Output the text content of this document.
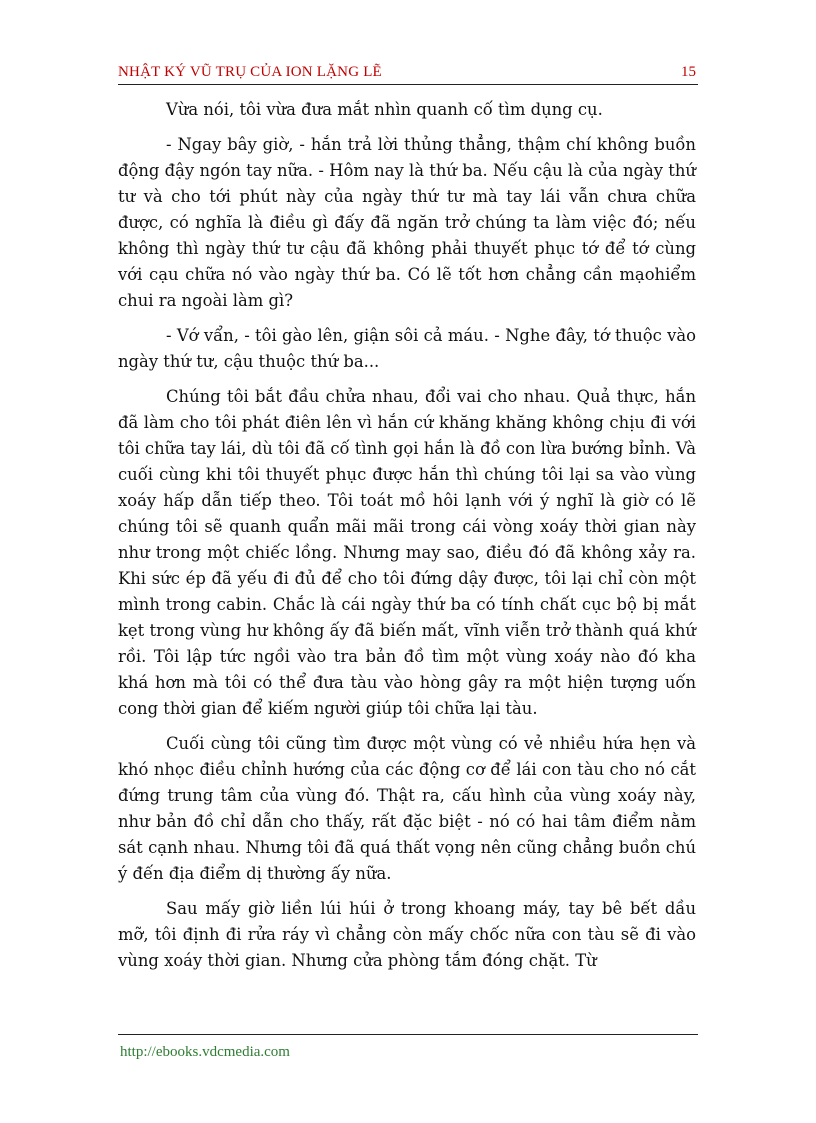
NHẬT KÝ VŨ TRỤ CỦA ION LẶNG LẼ	15

Vừa nói, tôi vừa đưa mắt nhìn quanh cố tìm dụng cụ.

- Ngay bây giờ, - hắn trả lời thủng thẳng, thậm chí không buồn động đậy ngón tay nữa. - Hôm nay là thứ ba. Nếu cậu là của ngày thứ tư và cho tới phút này của ngày thứ tư mà tay lái vẫn chưa chữa được, có nghĩa là điều gì đấy đã ngăn trở chúng ta làm việc đó; nếu không thì ngày thứ tư cậu đã không phải thuyết phục tớ để tớ cùng với cạu chữa nó vào ngày thứ ba. Có lẽ tốt hơn chẳng cần mạohiểm chui ra ngoài làm gì?

- Vớ vẩn, - tôi gào lên, giận sôi cả máu. - Nghe đây, tớ thuộc vào ngày thứ tư, cậu thuộc thứ ba...

Chúng tôi bắt đầu chửa nhau, đổi vai cho nhau. Quả thực, hắn đã làm cho tôi phát điên lên vì hắn cứ khăng khăng không chịu đi với tôi chữa tay lái, dù tôi đã cố tình gọi hắn là đồ con lừa bướng bỉnh. Và cuối cùng khi tôi thuyết phục được hắn thì chúng tôi lại sa vào vùng xoáy hấp dẫn tiếp theo. Tôi toát mồ hôi lạnh với ý nghĩ là giờ có lẽ chúng tôi sẽ quanh quẩn mãi mãi trong cái vòng xoáy thời gian này như trong một chiếc lồng. Nhưng may sao, điều đó đã không xảy ra. Khi sức ép đã yếu đi đủ để cho tôi đứng dậy được, tôi lại chỉ còn một mình trong cabin. Chắc là cái ngày thứ ba có tính chất cục bộ bị mắt kẹt trong vùng hư không ấy đã biến mất, vĩnh viễn trở thành quá khứ rồi. Tôi lập tức ngồi vào tra bản đồ tìm một vùng xoáy nào đó kha khá hơn mà tôi có thể đưa tàu vào hòng gây ra một hiện tượng uốn cong thời gian để kiếm người giúp tôi chữa lại tàu.

Cuối cùng tôi cũng tìm được một vùng có vẻ nhiều hứa hẹn và khó nhọc điều chỉnh hướng của các động cơ để lái con tàu cho nó cắt đứng trung tâm của vùng đó. Thật ra, cấu hình của vùng xoáy này, như bản đồ chỉ dẫn cho thấy, rất đặc biệt - nó có hai tâm điểm nằm sát cạnh nhau. Nhưng tôi đã quá thất vọng nên cũng chẳng buồn chú ý đến địa điểm dị thường ấy nữa.

Sau mấy giờ liền lúi húi ở trong khoang máy, tay bê bết dầu mỡ, tôi định đi rửa ráy vì chẳng còn mấy chốc nữa con tàu sẽ đi vào vùng xoáy thời gian. Nhưng cửa phòng tắm đóng chặt. Từ

http://ebooks.vdcmedia.com
